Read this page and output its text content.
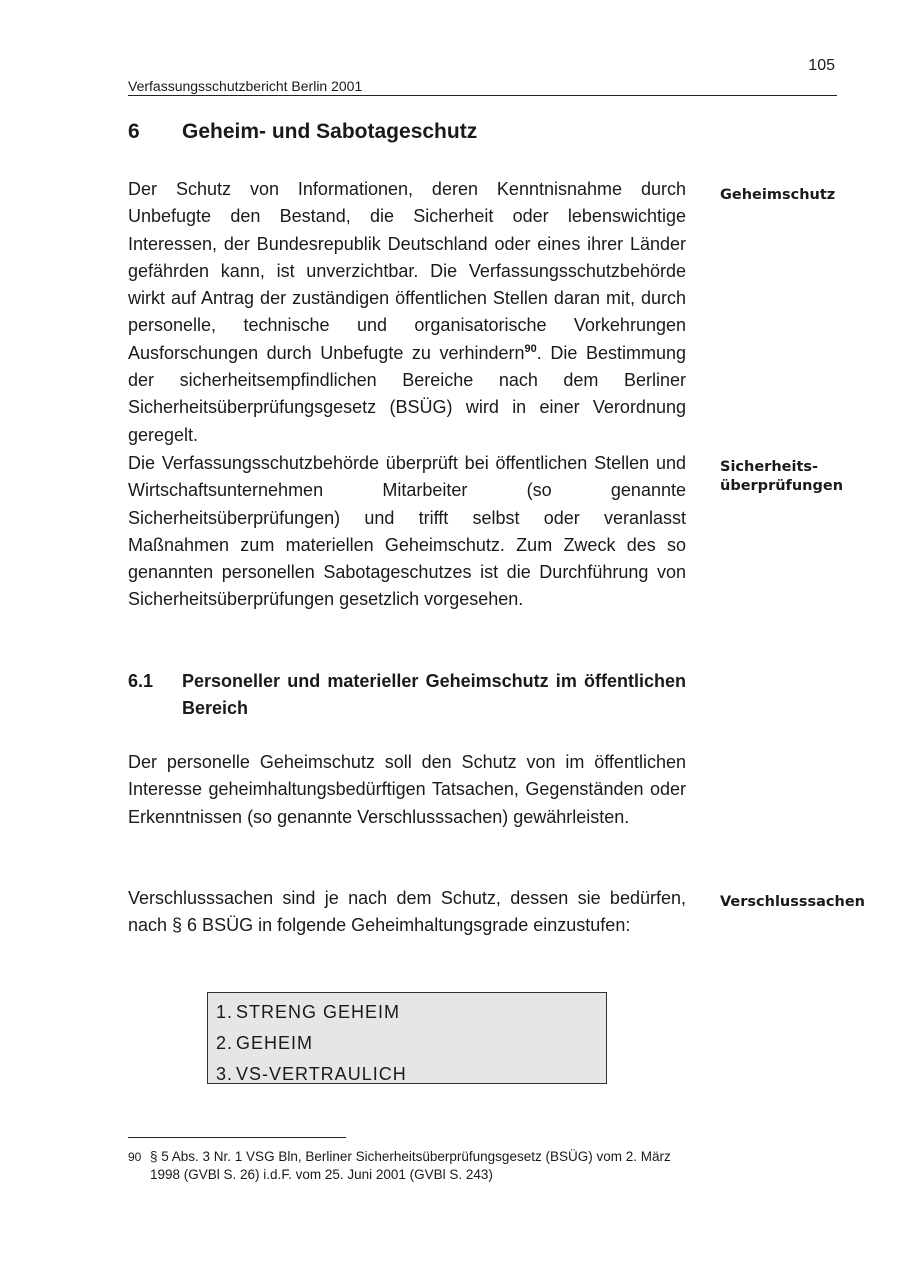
105
Verfassungsschutzbericht Berlin 2001
6 Geheim- und Sabotageschutz
Der Schutz von Informationen, deren Kenntnisnahme durch Unbefugte den Bestand, die Sicherheit oder lebenswichtige Interessen, der Bundesrepublik Deutschland oder eines ihrer Länder gefährden kann, ist unverzichtbar. Die Verfassungsschutzbehörde wirkt auf Antrag der zuständigen öffentlichen Stellen daran mit, durch personelle, technische und organisatorische Vorkehrungen Ausforschungen durch Unbefugte zu verhindern$^{90}$. Die Bestimmung der sicherheitsempfindlichen Bereiche nach dem Berliner Sicherheitsüberprüfungsgesetz (BSÜG) wird in einer Verordnung geregelt.
Die Verfassungsschutzbehörde überprüft bei öffentlichen Stellen und Wirtschaftsunternehmen Mitarbeiter (so genannte Sicherheitsüberprüfungen) und trifft selbst oder veranlasst Maßnahmen zum materiellen Geheimschutz. Zum Zweck des so genannten personellen Sabotageschutzes ist die Durchführung von Sicherheitsüberprüfungen gesetzlich vorgesehen.
Geheimschutz
Sicherheits-überprüfungen
6.1	Personeller und materieller Geheimschutz im öffentlichen Bereich
Der personelle Geheimschutz soll den Schutz von im öffentlichen Interesse geheimhaltungsbedürftigen Tatsachen, Gegenständen oder Erkenntnissen (so genannte Verschlusssachen) gewährleisten.
Verschlusssachen sind je nach dem Schutz, dessen sie bedürfen, nach § 6 BSÜG in folgende Geheimhaltungsgrade einzustufen:
Verschlusssachen
1. STRENG GEHEIM
2. GEHEIM
3. VS-VERTRAULICH
90 § 5 Abs. 3 Nr. 1 VSG Bln, Berliner Sicherheitsüberprüfungsgesetz (BSÜG) vom 2. März 1998 (GVBl S. 26) i.d.F. vom 25. Juni 2001 (GVBl S. 243)
